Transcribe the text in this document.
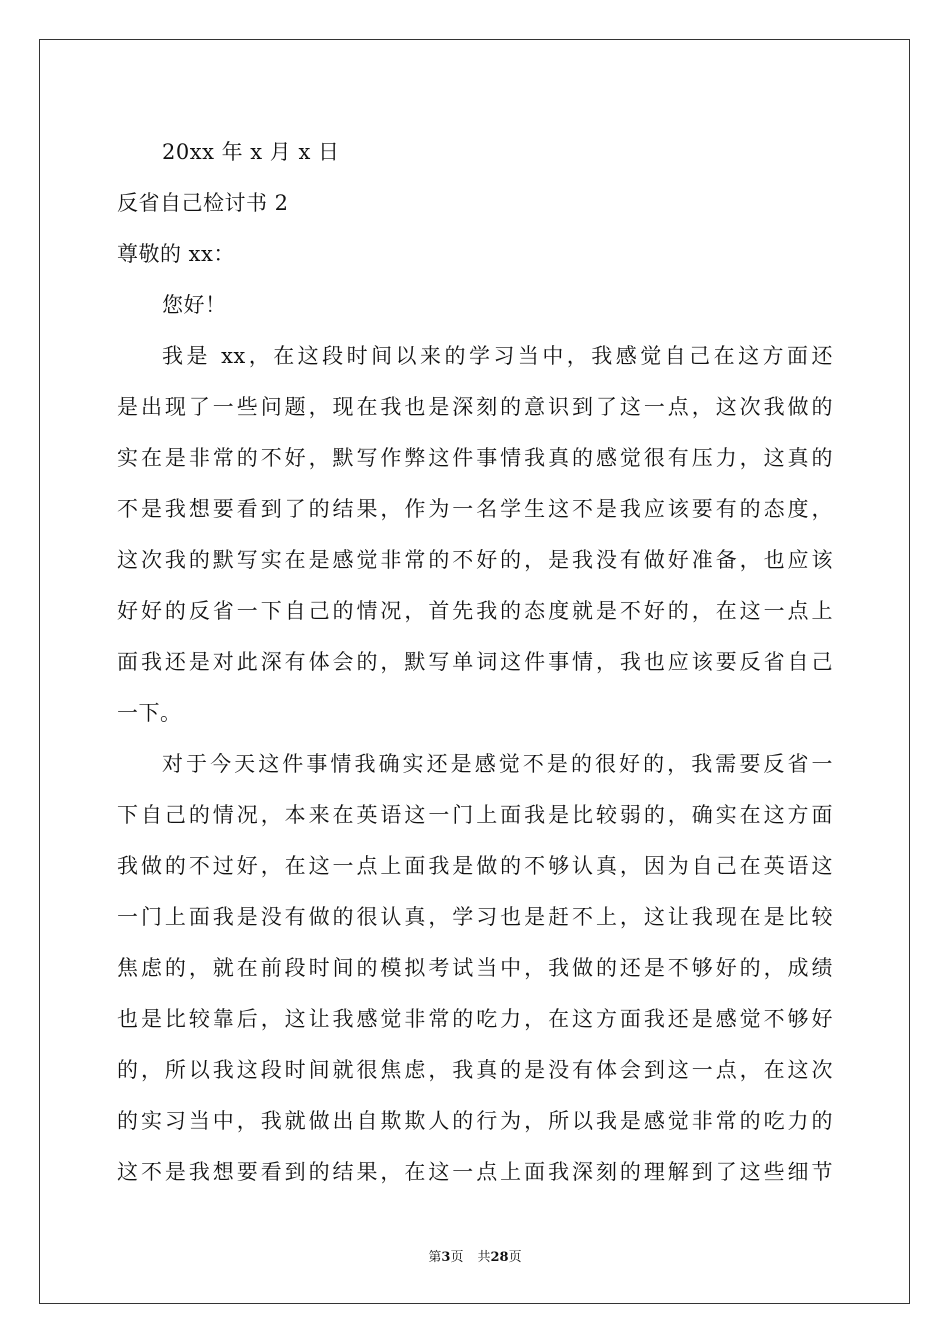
20xx 年 x 月 x 日
反省自己检讨书 2
尊敬的 xx：
您好！
我是 xx，在这段时间以来的学习当中，我感觉自己在这方面还
是出现了一些问题，现在我也是深刻的意识到了这一点，这次我做的
实在是非常的不好，默写作弊这件事情我真的感觉很有压力，这真的
不是我想要看到了的结果，作为一名学生这不是我应该要有的态度，
这次我的默写实在是感觉非常的不好的，是我没有做好准备，也应该
好好的反省一下自己的情况，首先我的态度就是不好的，在这一点上
面我还是对此深有体会的，默写单词这件事情，我也应该要反省自己
一下。
对于今天这件事情我确实还是感觉不是的很好的，我需要反省一
下自己的情况，本来在英语这一门上面我是比较弱的，确实在这方面
我做的不过好，在这一点上面我是做的不够认真，因为自己在英语这
一门上面我是没有做的很认真，学习也是赶不上，这让我现在是比较
焦虑的，就在前段时间的模拟考试当中，我做的还是不够好的，成绩
也是比较靠后，这让我感觉非常的吃力，在这方面我还是感觉不够好
的，所以我这段时间就很焦虑，我真的是没有体会到这一点，在这次
的实习当中，我就做出自欺欺人的行为，所以我是感觉非常的吃力的
这不是我想要看到的结果，在这一点上面我深刻的理解到了这些细节
第3页 共28页
